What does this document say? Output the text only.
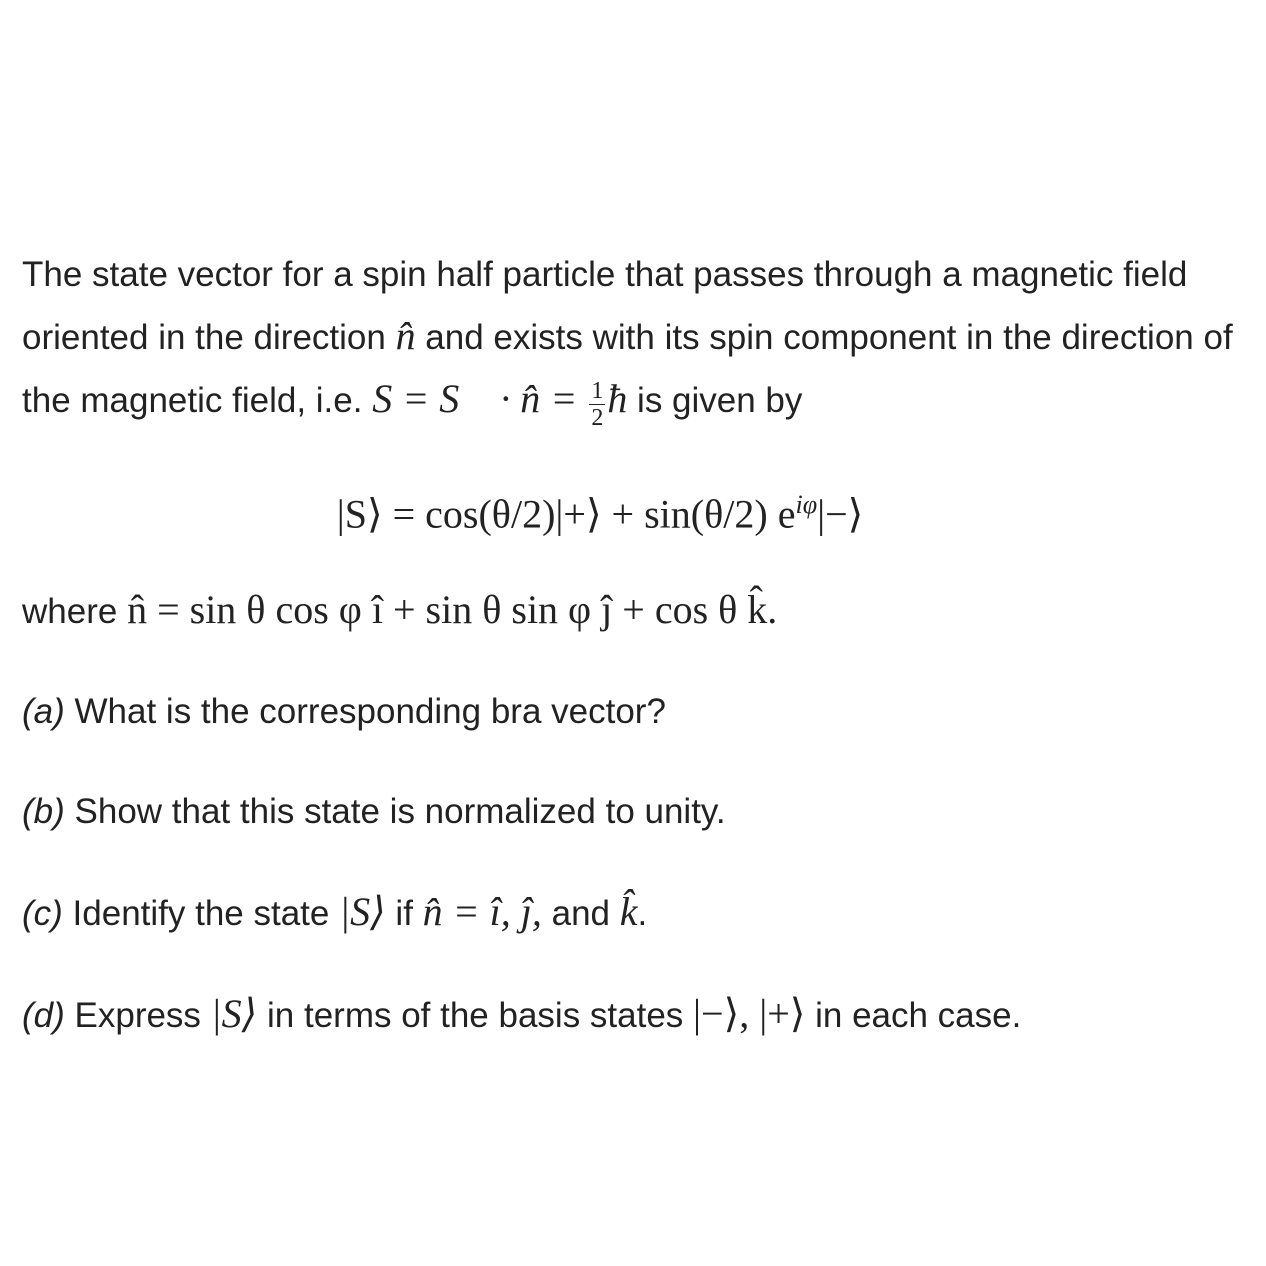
The state vector for a spin half particle that passes through a magnetic field oriented in the direction n̂ and exists with its spin component in the direction of the magnetic field, i.e. S = S⃗ · n̂ = $\frac{1}{2}$ ħ is given by

|S⟩ = cos(θ/2)|+⟩ + sin(θ/2) $e^{i\varphi}|-⟩$

where n̂ = sin θ cos φ î + sin θ sin φ ĵ + cos θ k̂.

(a) What is the corresponding bra vector?

(b) Show that this state is normalized to unity.

(c) Identify the state |S⟩ if n̂ = î, ĵ, and k̂.

(d) Express |S⟩ in terms of the basis states |−⟩, |+⟩ in each case.
